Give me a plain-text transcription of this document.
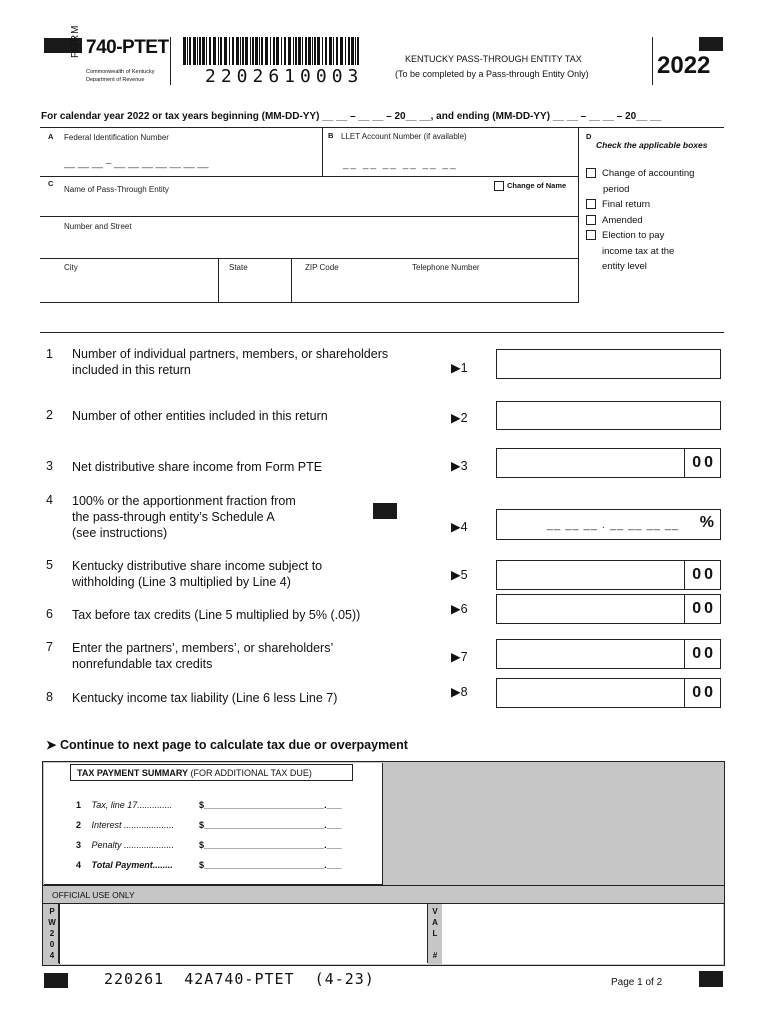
FORM 740-PTET
Commonwealth of Kentucky
Department of Revenue	2202610003
KENTUCKY PASS-THROUGH ENTITY TAX
(To be completed by a Pass-through Entity Only)	2022
For calendar year 2022 or tax years beginning (MM-DD-YY) __ __ – __ __ – 20__ __, and ending (MM-DD-YY) __ __ – __ __ – 20__ __
A Federal Identification Number
__ __ __ – __ __ __ __ __ __ __
B LLET Account Number (if available)
__ __ __ __ __ __
C
Name of Pass-Through Entity	Change of Name
Number and Street
City	State	ZIP Code	Telephone Number
D
Check the applicable boxes
Change of accounting
period
Final return
Amended
Election to pay
income tax at the
entity level
1 Number of individual partners, members, or shareholders
included in this return	▶1
2 Number of other entities included in this return	▶2
3 Net distributive share income from Form PTE	▶3	00
4 100% or the apportionment fraction from
the pass-through entity’s Schedule A
(see instructions)	▶4	__ __ __ . __ __ __ __ %
5 Kentucky distributive share income subject to
withholding (Line 3 multiplied by Line 4)	▶5	00
6 Tax before tax credits (Line 5 multiplied by 5% (.05))	▶6	00
7 Enter the partners’, members’, or shareholders’
nonrefundable tax credits	▶7	00
8 Kentucky income tax liability (Line 6 less Line 7)	▶8	00
➤ Continue to next page to calculate tax due or overpayment
TAX PAYMENT SUMMARY (FOR ADDITIONAL TAX DUE)
1 Tax, line 17..............	$________________________.___
2 Interest ....................	$________________________.___
3 Penalty ....................	$________________________.___
4 Total Payment........	$________________________.___
OFFICIAL USE ONLY
P
W
2
0
4
V
A
L
#
220261  42A740-PTET  (4-23)	Page 1 of 2
